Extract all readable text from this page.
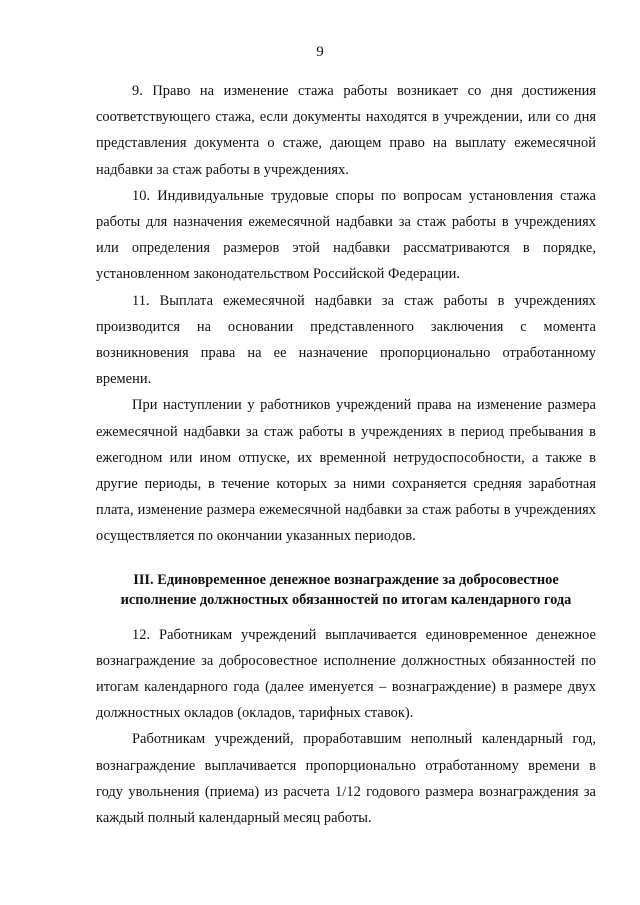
9

9. Право на изменение стажа работы возникает со дня достижения соответствующего стажа, если документы находятся в учреждении, или со дня представления документа о стаже, дающем право на выплату ежемесячной надбавки за стаж работы в учреждениях.

10. Индивидуальные трудовые споры по вопросам установления стажа работы для назначения ежемесячной надбавки за стаж работы в учреждениях или определения размеров этой надбавки рассматриваются в порядке, установленном законодательством Российской Федерации.

11. Выплата ежемесячной надбавки за стаж работы в учреждениях производится на основании представленного заключения с момента возникновения права на ее назначение пропорционально отработанному времени.

При наступлении у работников учреждений права на изменение размера ежемесячной надбавки за стаж работы в учреждениях в период пребывания в ежегодном или ином отпуске, их временной нетрудоспособности, а также в другие периоды, в течение которых за ними сохраняется средняя заработная плата, изменение размера ежемесячной надбавки за стаж работы в учреждениях осуществляется по окончании указанных периодов.

III. Единовременное денежное вознаграждение за добросовестное
исполнение должностных обязанностей по итогам календарного года

12. Работникам учреждений выплачивается единовременное денежное вознаграждение за добросовестное исполнение должностных обязанностей по итогам календарного года (далее именуется – вознаграждение) в размере двух должностных окладов (окладов, тарифных ставок).

Работникам учреждений, проработавшим неполный календарный год, вознаграждение выплачивается пропорционально отработанному времени в году увольнения (приема) из расчета 1/12 годового размера вознаграждения за каждый полный календарный месяц работы.
